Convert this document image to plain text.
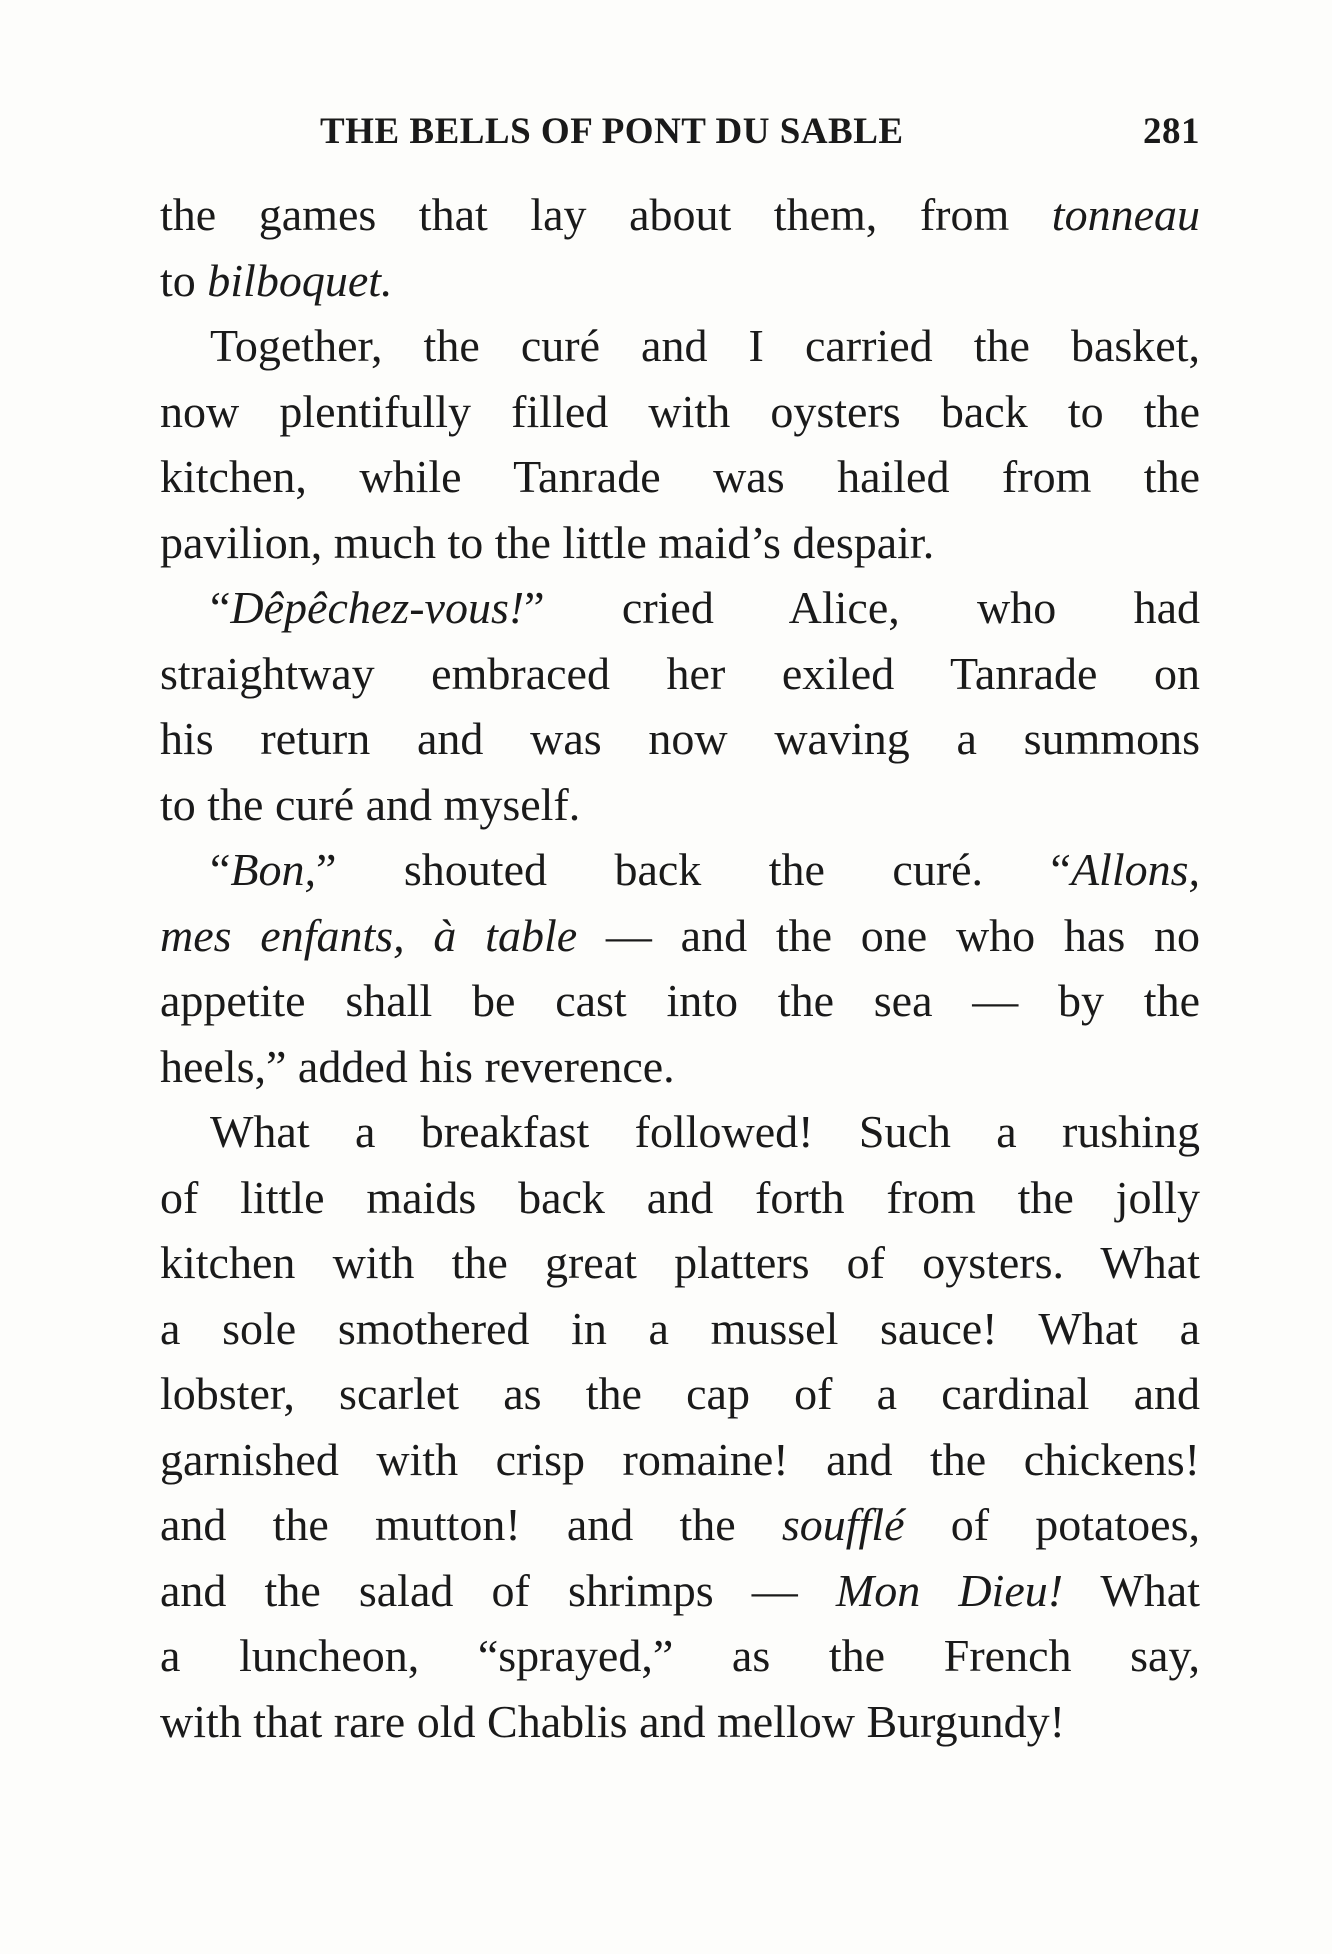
THE BELLS OF PONT DU SABLE	281
the games that lay about them, from tonneau
to bilboquet.
Together, the curé and I carried the basket,
now plentifully filled with oysters back to the
kitchen, while Tanrade was hailed from the
pavilion, much to the little maid’s despair.
“Dêpêchez-vous!” cried Alice, who had
straightway embraced her exiled Tanrade on
his return and was now waving a summons
to the curé and myself.
“Bon,” shouted back the curé. “Allons,
mes enfants, à table — and the one who has no
appetite shall be cast into the sea — by the
heels,” added his reverence.
What a breakfast followed! Such a rushing
of little maids back and forth from the jolly
kitchen with the great platters of oysters. What
a sole smothered in a mussel sauce! What a
lobster, scarlet as the cap of a cardinal and
garnished with crisp romaine! and the chickens!
and the mutton! and the soufflé of potatoes,
and the salad of shrimps — Mon Dieu! What
a luncheon, “sprayed,” as the French say,
with that rare old Chablis and mellow Burgundy!
